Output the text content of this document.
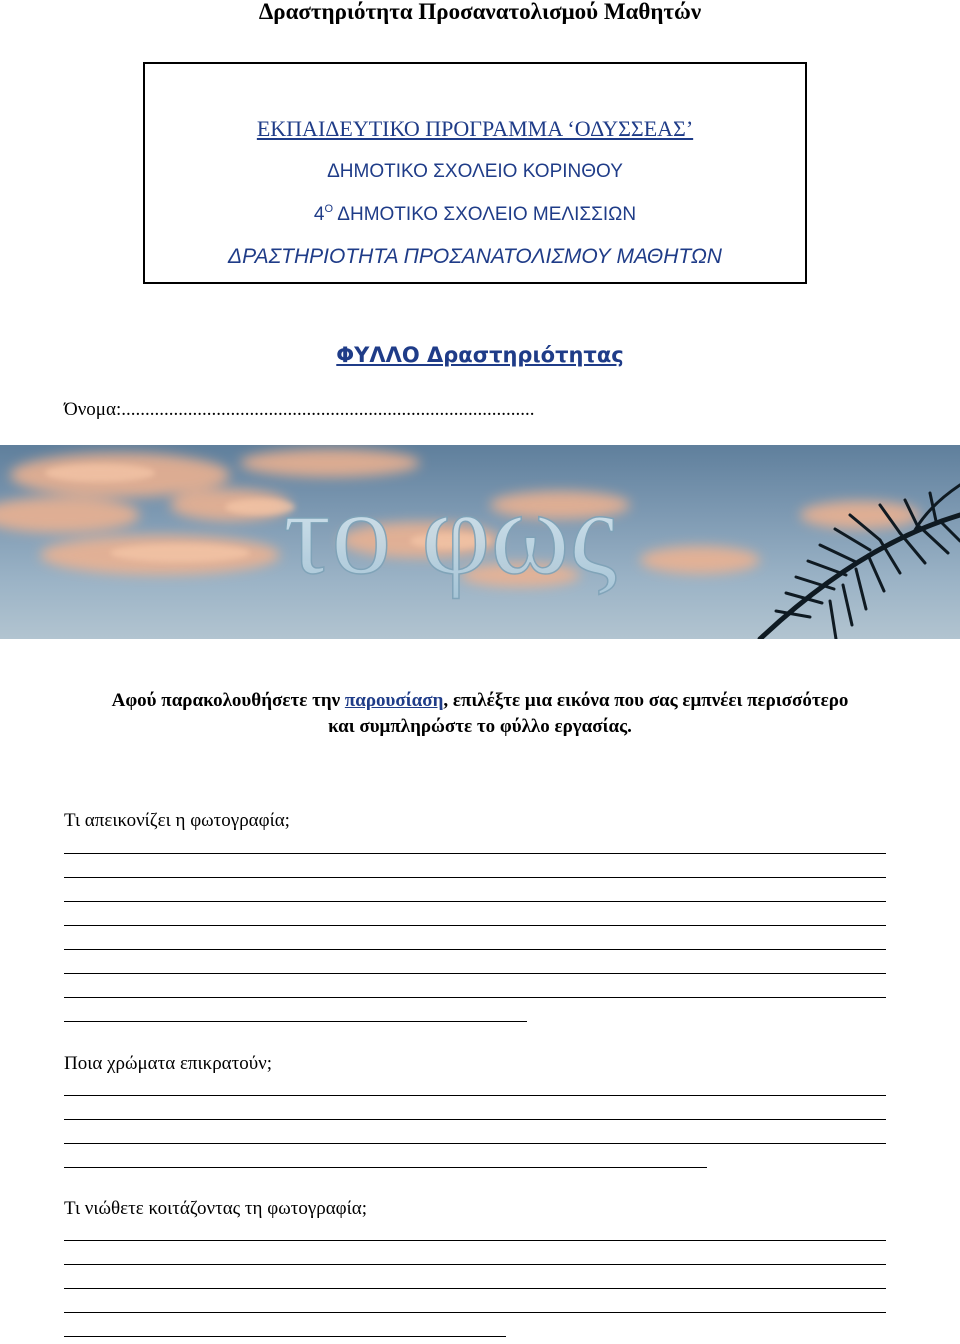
Δραστηριότητα Προσανατολισμού Μαθητών
ΕΚΠΑΙΔΕΥΤΙΚΟ ΠΡΟΓΡΑΜΜΑ ‘ΟΔΥΣΣΕΑΣ’
ΔΗΜΟΤΙΚΟ ΣΧΟΛΕΙΟ ΚΟΡΙΝΘΟΥ
$4^O$ ΔΗΜΟΤΙΚΟ ΣΧΟΛΕΙΟ ΜΕΛΙΣΣΙΩΝ
ΔΡΑΣΤΗΡΙΟΤΗΤΑ ΠΡΟΣΑΝΑΤΟΛΙΣΜΟΥ ΜΑΘΗΤΩΝ
ΦΥΛΛΟ Δραστηριότητας
Όνομα:.......................................................................................
το φως
Αφού παρακολουθήσετε την παρουσίαση, επιλέξτε μια εικόνα που σας εμπνέει περισσότερο
και συμπληρώστε το φύλλο εργασίας.
Τι απεικονίζει η φωτογραφία;
Ποια χρώματα επικρατούν;
Τι νιώθετε κοιτάζοντας τη φωτογραφία;
